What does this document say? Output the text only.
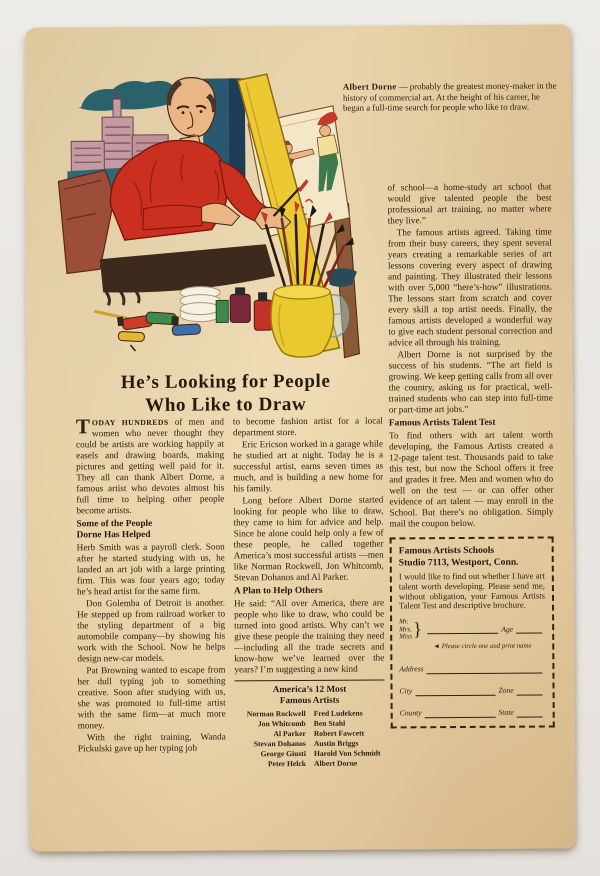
Albert Dorne — probably the greatest money-maker in the history of commercial art. At the height of his career, he began a full-time search for people who like to draw.
He’s Looking for People
Who Like to Draw

TODAY HUNDREDS of men and women who never thought they could be artists are working happily at easels and drawing boards, making pictures and getting well paid for it. They all can thank Albert Dorne, a famous artist who devotes almost his full time to helping other people become artists.

Some of the People
Dorne Has Helped

Herb Smith was a payroll clerk. Soon after he started studying with us, he landed an art job with a large printing firm. This was four years ago; today he’s head artist for the same firm.

Don Golemba of Detroit is another. He stepped up from railroad worker to the styling department of a big automobile company—by showing his work with the School. Now he helps design new-car models.

Pat Browning wanted to escape from her dull typing job to something creative. Soon after studying with us, she was promoted to full-time artist with the same firm—at much more money.

With the right training, Wanda Pickulski gave up her typing job

to become fashion artist for a local department store.

Eric Ericson worked in a garage while he studied art at night. Today he is a successful artist, earns seven times as much, and is building a new home for his family.

Long before Albert Dorne started looking for people who like to draw, they came to him for advice and help. Since he alone could help only a few of these people, he called together America’s most successful artists —men like Norman Rockwell, Jon Whitcomb, Stevan Dohanos and Al Parker.

A Plan to Help Others

He said: “All over America, there are people who like to draw, who could be turned into good artists. Why can’t we give these people the training they need—including all the trade secrets and know-how we’ve learned over the years? I’m suggesting a new kind

America’s 12 Most
Famous Artists
Norman Rockwell
Jon Whitcomb
Al Parker
Stevan Dohanos
George Giusti
Peter Helck
Fred Ludekens
Ben Stahl
Robert Fawcett
Austin Briggs
Harold Von Schmidt
Albert Dorne

of school—a home-study art school that would give talented people the best professional art training, no matter where they live.”

The famous artists agreed. Taking time from their busy careers, they spent several years creating a remarkable series of art lessons covering every aspect of drawing and painting. They illustrated their lessons with over 5,000 “here’s-how” illustrations. The lessons start from scratch and cover every skill a top artist needs. Finally, the famous artists developed a wonderful way to give each student personal correction and advice all through his training.

Albert Dorne is not surprised by the success of his students. “The art field is growing. We keep getting calls from all over the country, asking us for practical, well-trained students who can step into full-time or part-time art jobs.”

Famous Artists Talent Test

To find others with art talent worth developing, the Famous Artists created a 12-page talent test. Thousands paid to take this test, but now the School offers it free and grades it free. Men and women who do well on the test — or can offer other evidence of art talent — may enroll in the School. But there’s no obligation. Simply mail the coupon below.

Famous Artists Schools
Studio 7113, Westport, Conn.
I would like to find out whether I have art talent worth developing. Please send me, without obligation, your Famous Artists Talent Test and descriptive brochure.
Mr.
Mrs.
Miss }	Age
◄ Please circle one and print name
Address
City	Zone
County	State
